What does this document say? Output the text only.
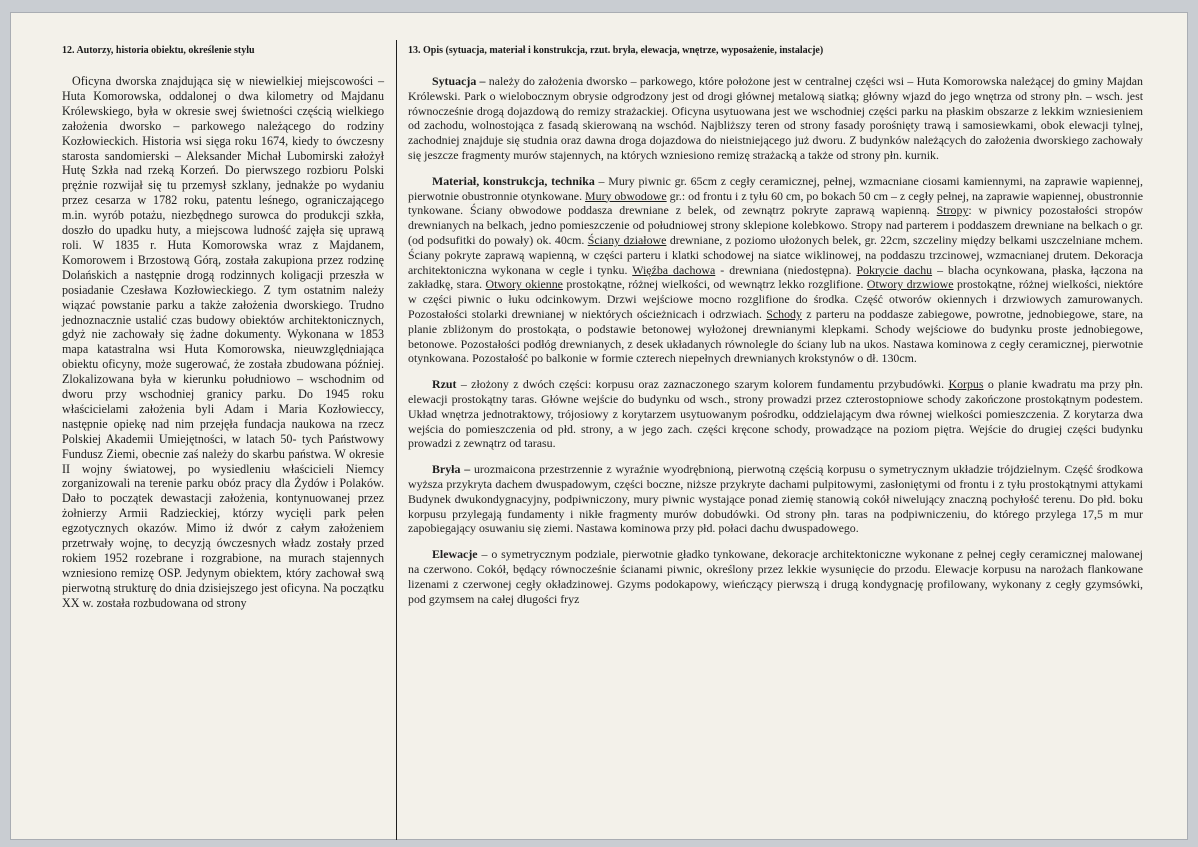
12. Autorzy, historia obiektu, określenie stylu

Oficyna dworska znajdująca się w niewielkiej miejscowości – Huta Komorowska, oddalonej o dwa kilometry od Majdanu Królewskiego, była w okresie swej świetności częścią wielkiego założenia dworsko – parkowego należącego do rodziny Kozłowieckich. Historia wsi sięga roku 1674, kiedy to ówczesny starosta sandomierski – Aleksander Michał Lubomirski założył Hutę Szkła nad rzeką Korzeń. Do pierwszego rozbioru Polski prężnie rozwijał się tu przemysł szklany, jednakże po wydaniu przez cesarza w 1782 roku, patentu leśnego, ograniczającego m.in. wyrób potażu, niezbędnego surowca do produkcji szkła, doszło do upadku huty, a miejscowa ludność zajęła się uprawą roli. W 1835 r. Huta Komorowska wraz z Majdanem, Komorowem i Brzostową Górą, została zakupiona przez rodzinę Dolańskich a następnie drogą rodzinnych koligacji przeszła w posiadanie Czesława Kozłowieckiego. Z tym ostatnim należy wiązać powstanie parku a także założenia dworskiego. Trudno jednoznacznie ustalić czas budowy obiektów architektonicznych, gdyż nie zachowały się żadne dokumenty. Wykonana w 1853 mapa katastralna wsi Huta Komorowska, nieuwzględniająca obiektu oficyny, może sugerować, że została zbudowana później. Zlokalizowana była w kierunku południowo – wschodnim od dworu przy wschodniej granicy parku. Do 1945 roku właścicielami założenia byli Adam i Maria Kozłowieccy, następnie opiekę nad nim przejęła fundacja naukowa na rzecz Polskiej Akademii Umiejętności, w latach 50- tych Państwowy Fundusz Ziemi, obecnie zaś należy do skarbu państwa. W okresie II wojny światowej, po wysiedleniu właścicieli Niemcy zorganizowali na terenie parku obóz pracy dla Żydów i Polaków. Dało to początek dewastacji założenia, kontynuowanej przez żołnierzy Armii Radzieckiej, którzy wycięli park pełen egzotycznych okazów. Mimo iż dwór z całym założeniem przetrwały wojnę, to decyzją ówczesnych władz zostały przed rokiem 1952 rozebrane i rozgrabione, na murach stajennych wzniesiono remizę OSP. Jedynym obiektem, który zachował swą pierwotną strukturę do dnia dzisiejszego jest oficyna. Na początku XX w. została rozbudowana od strony

13. Opis (sytuacja, materiał i konstrukcja, rzut. bryła, elewacja, wnętrze, wyposażenie, instalacje)

Sytuacja – należy do założenia dworsko – parkowego, które położone jest w centralnej części wsi – Huta Komorowska należącej do gminy Majdan Królewski. Park o wielobocznym obrysie odgrodzony jest od drogi głównej metalową siatką; główny wjazd do jego wnętrza od strony płn. – wsch. jest równocześnie drogą dojazdową do remizy strażackiej. Oficyna usytuowana jest we wschodniej części parku na płaskim obszarze z lekkim wzniesieniem od zachodu, wolnostojąca z fasadą skierowaną na wschód. Najbliższy teren od strony fasady porośnięty trawą i samosiewkami, obok elewacji tylnej, zachodniej znajduje się studnia oraz dawna droga dojazdowa do nieistniejącego już dworu. Z budynków należących do założenia dworskiego zachowały się jeszcze fragmenty murów stajennych, na których wzniesiono remizę strażacką a także od strony płn. kurnik.

Materiał, konstrukcja, technika – Mury piwnic gr. 65cm z cegły ceramicznej, pełnej, wzmacniane ciosami kamiennymi, na zaprawie wapiennej, pierwotnie obustronnie otynkowane. Mury obwodowe gr.: od frontu i z tyłu 60 cm, po bokach 50 cm – z cegły pełnej, na zaprawie wapiennej, obustronnie tynkowane. Ściany obwodowe poddasza drewniane z belek, od zewnątrz pokryte zaprawą wapienną. Stropy: w piwnicy pozostałości stropów drewnianych na belkach, jedno pomieszczenie od południowej strony sklepione kolebkowo. Stropy nad parterem i poddaszem drewniane na belkach o gr. (od podsufitki do powały) ok. 40cm. Ściany działowe drewniane, z poziomo ułożonych belek, gr. 22cm, szczeliny między belkami uszczelniane mchem. Ściany pokryte zaprawą wapienną, w części parteru i klatki schodowej na siatce wiklinowej, na poddaszu trzcinowej, wzmacnianej drutem. Dekoracja architektoniczna wykonana w cegle i tynku. Więźba dachowa - drewniana (niedostępna). Pokrycie dachu – blacha ocynkowana, płaska, łączona na zakładkę, stara. Otwory okienne prostokątne, różnej wielkości, od wewnątrz lekko rozglifione. Otwory drzwiowe prostokątne, różnej wielkości, niektóre w części piwnic o łuku odcinkowym. Drzwi wejściowe mocno rozglifione do środka. Część otworów okiennych i drzwiowych zamurowanych. Pozostałości stolarki drewnianej w niektórych ościeżnicach i odrzwiach. Schody z parteru na poddasze zabiegowe, powrotne, jednobiegowe, stare, na planie zbliżonym do prostokąta, o podstawie betonowej wyłożonej drewnianymi klepkami. Schody wejściowe do budynku proste jednobiegowe, betonowe. Pozostałości podłóg drewnianych, z desek układanych równolegle do ściany lub na ukos. Nastawa kominowa z cegły ceramicznej, pierwotnie otynkowana. Pozostałość po balkonie w formie czterech niepełnych drewnianych krokstynów o dł. 130cm.

Rzut – złożony z dwóch części: korpusu oraz zaznaczonego szarym kolorem fundamentu przybudówki. Korpus o planie kwadratu ma przy płn. elewacji prostokątny taras. Główne wejście do budynku od wsch., strony prowadzi przez czterostopniowe schody zakończone prostokątnym podestem. Układ wnętrza jednotraktowy, trójosiowy z korytarzem usytuowanym pośrodku, oddzielającym dwa równej wielkości pomieszczenia. Z korytarza dwa wejścia do pomieszczenia od płd. strony, a w jego zach. części kręcone schody, prowadzące na poziom piętra. Wejście do drugiej części budynku prowadzi z zewnątrz od tarasu.

Bryła – urozmaicona przestrzennie z wyraźnie wyodrębnioną, pierwotną częścią korpusu o symetrycznym układzie trójdzielnym. Część środkowa wyższa przykryta dachem dwuspadowym, części boczne, niższe przykryte dachami pulpitowymi, zasłoniętymi od frontu i z tyłu prostokątnymi attykami Budynek dwukondygnacyjny, podpiwniczony, mury piwnic wystające ponad ziemię stanowią cokół niwelujący znaczną pochyłość terenu. Do płd. boku korpusu przylegają fundamenty i nikłe fragmenty murów dobudówki. Od strony płn. taras na podpiwniczeniu, do którego przylega 17,5 m mur zapobiegający osuwaniu się ziemi. Nastawa kominowa przy płd. połaci dachu dwuspadowego.

Elewacje – o symetrycznym podziale, pierwotnie gładko tynkowane, dekoracje architektoniczne wykonane z pełnej cegły ceramicznej malowanej na czerwono. Cokół, będący równocześnie ścianami piwnic, określony przez lekkie wysunięcie do przodu. Elewacje korpusu na narożach flankowane lizenami z czerwonej cegły okładzinowej. Gzyms podokapowy, wieńczący pierwszą i drugą kondygnację profilowany, wykonany z cegły gzymsówki, pod gzymsem na całej długości fryz
